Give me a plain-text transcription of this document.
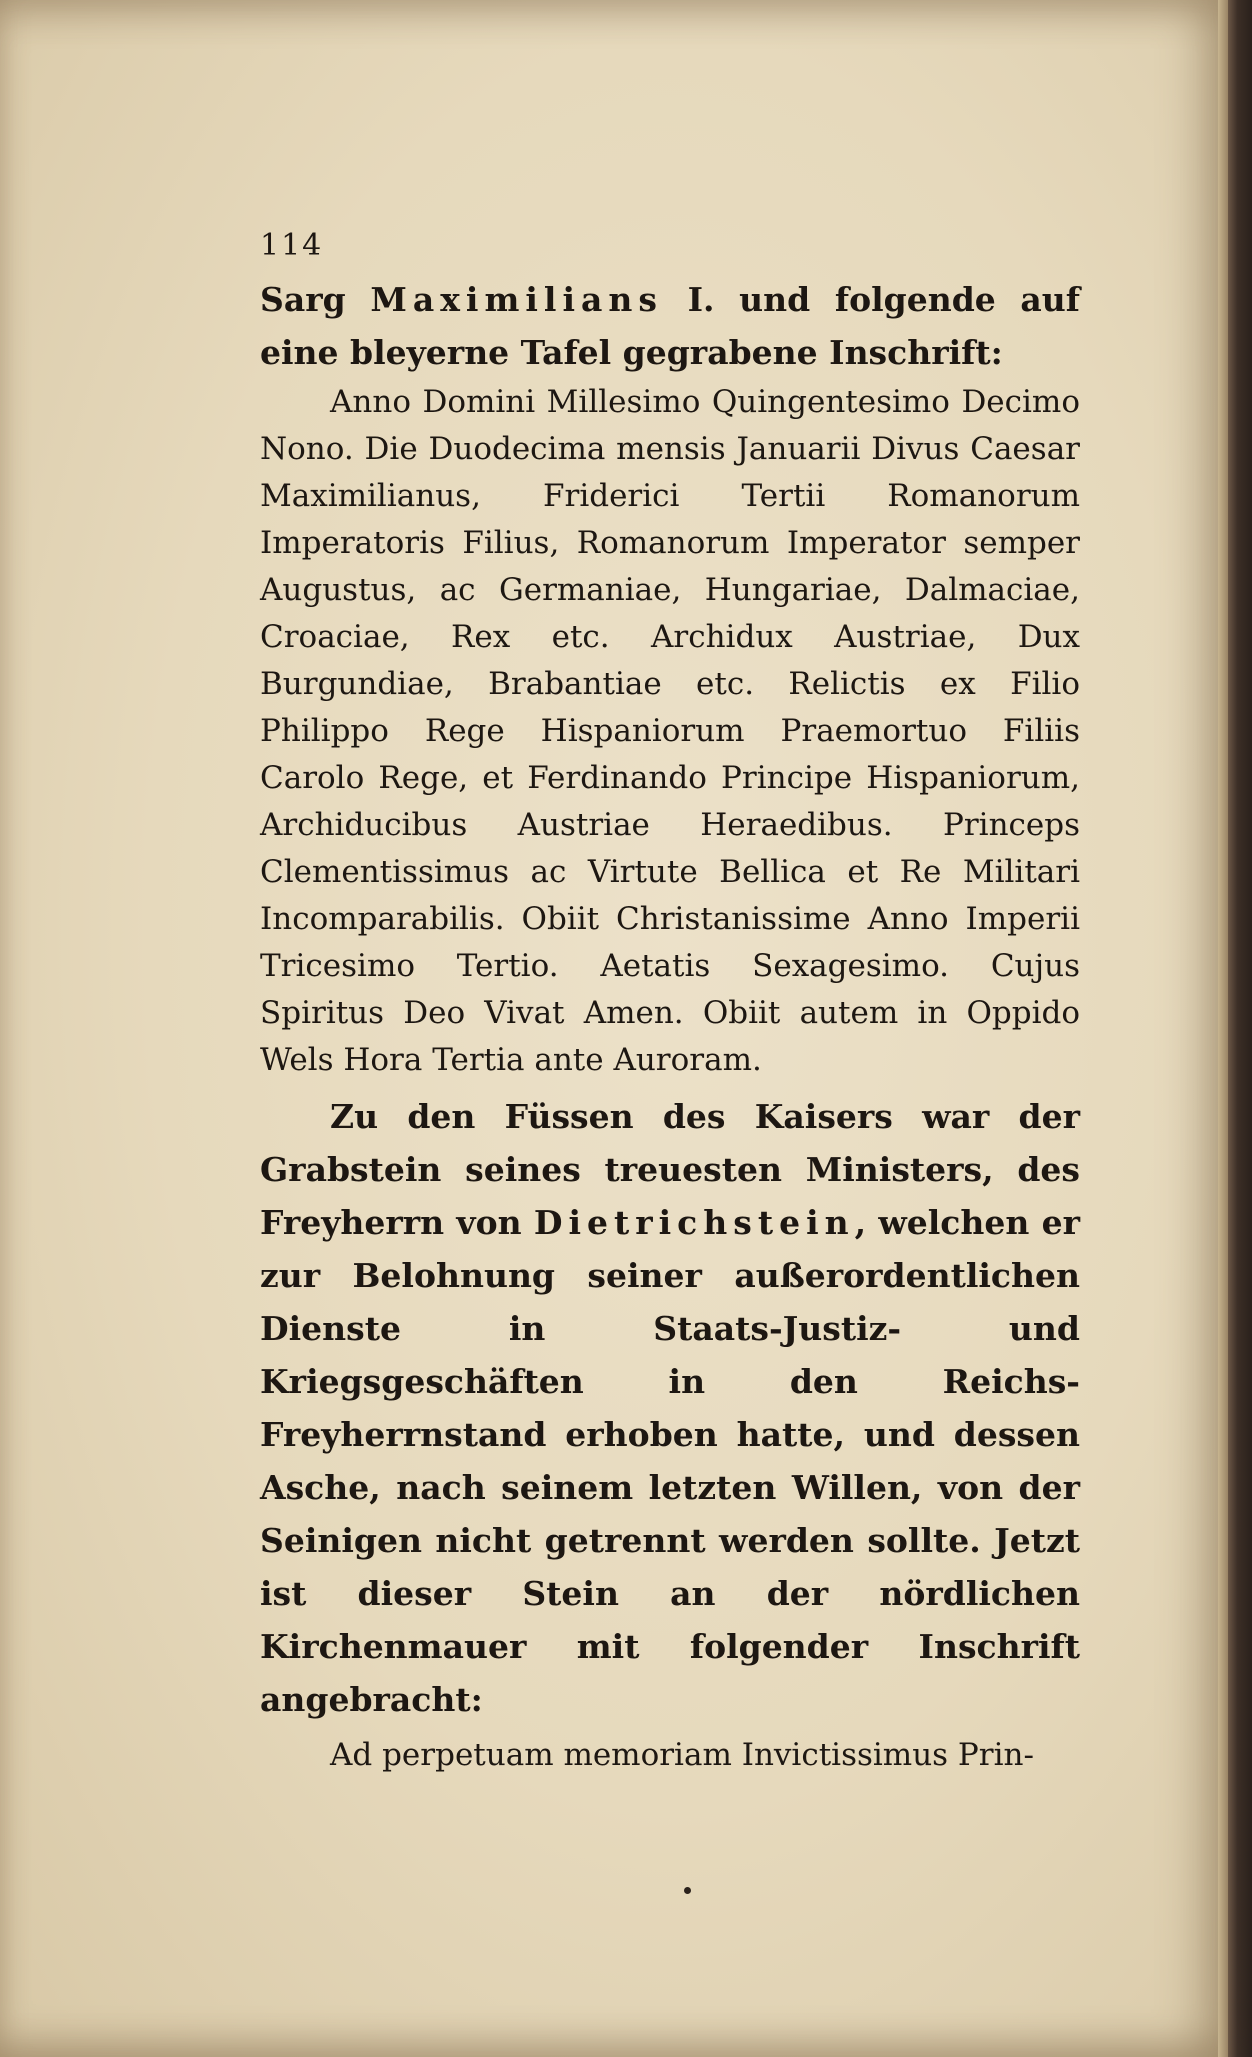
114

Sarg Maximilians I. und folgende auf eine bleyerne Tafel gegrabene Inschrift:

Anno Domini Millesimo Quingentesimo Decimo Nono. Die Duodecima mensis Januarii Divus Caesar Maximilianus, Friderici Tertii Romanorum Imperatoris Filius, Romanorum Imperator semper Augustus, ac Germaniae, Hungariae, Dalmaciae, Croaciae, Rex etc. Archidux Austriae, Dux Burgundiae, Brabantiae etc. Relictis ex Filio Philippo Rege Hispaniorum Praemortuo Filiis Carolo Rege, et Ferdinando Principe Hispaniorum, Archiducibus Austriae Heraedibus. Princeps Clementissimus ac Virtute Bellica et Re Militari Incomparabilis. Obiit Christanissime Anno Imperii Tricesimo Tertio. Aetatis Sexagesimo. Cujus Spiritus Deo Vivat Amen. Obiit autem in Oppido Wels Hora Tertia ante Auroram.

Zu den Füssen des Kaisers war der Grabstein seines treuesten Ministers, des Freyherrn von Dietrichstein, welchen er zur Belohnung seiner außerordentlichen Dienste in Staats-Justiz- und Kriegsgeschäften in den Reichs-Freyherrnstand erhoben hatte, und dessen Asche, nach seinem letzten Willen, von der Seinigen nicht getrennt werden sollte. Jetzt ist dieser Stein an der nördlichen Kirchenmauer mit folgender Inschrift angebracht:

Ad perpetuam memoriam Invictissimus Prin-
